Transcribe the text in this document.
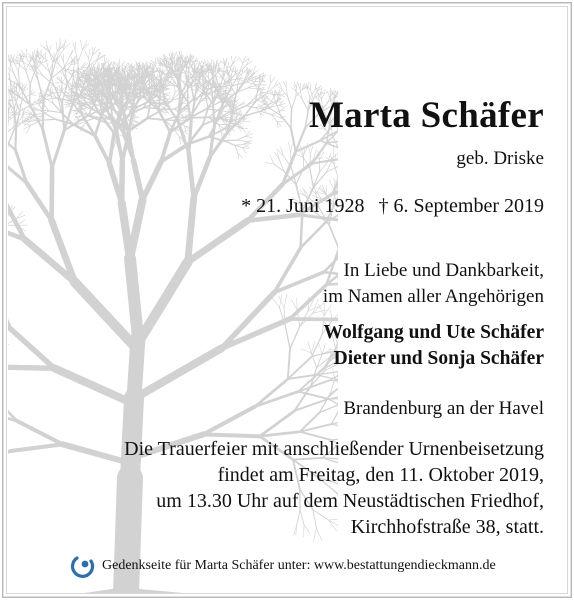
Marta Schäfer
geb. Driske
* 21. Juni 1928 † 6. September 2019
In Liebe und Dankbarkeit,
im Namen aller Angehörigen
Wolfgang und Ute Schäfer
Dieter und Sonja Schäfer
Brandenburg an der Havel
Die Trauerfeier mit anschließender Urnenbeisetzung
findet am Freitag, den 11. Oktober 2019,
um 13.30 Uhr auf dem Neustädtischen Friedhof,
Kirchhofstraße 38, statt.
Gedenkseite für Marta Schäfer unter: www.bestattungendieckmann.de
